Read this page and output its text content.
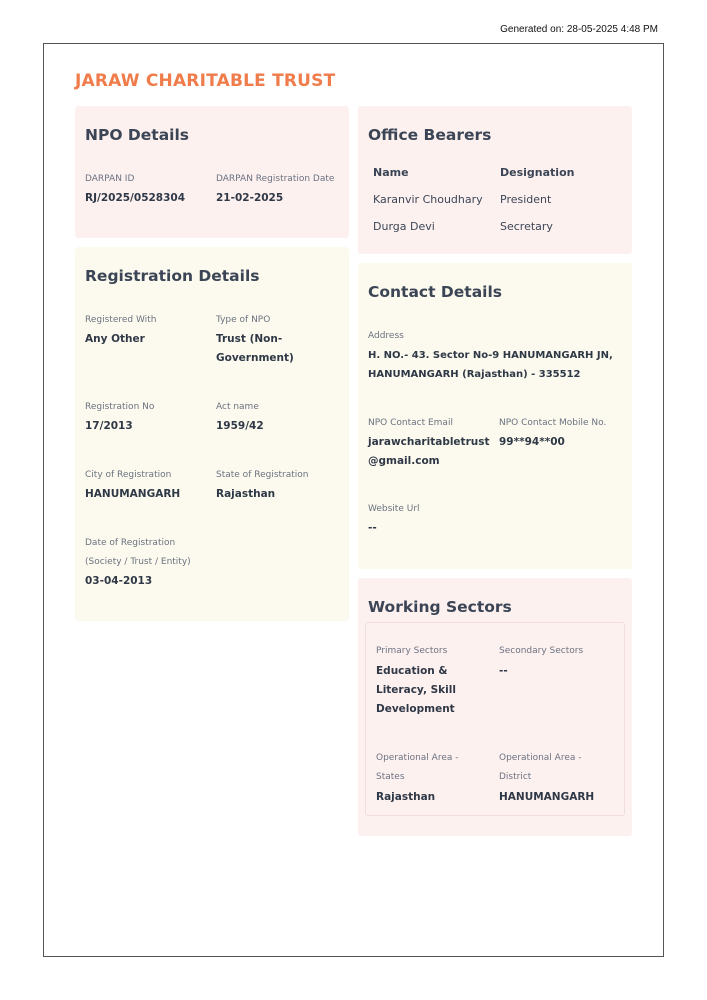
Generated on: 28-05-2025 4:48 PM
JARAW CHARITABLE TRUST
NPO Details
DARPAN ID
RJ/2025/0528304
DARPAN Registration Date
21-02-2025
Registration Details
Registered With
Any Other
Type of NPO
Trust (Non-
Government)
Registration No
17/2013
Act name
1959/42
City of Registration
HANUMANGARH
State of Registration
Rajasthan
Date of Registration
(Society / Trust / Entity)
03-04-2013
Office Bearers
Name	Designation
Karanvir Choudhary President
Durga Devi	Secretary
Contact Details
Address
H. NO.- 43. Sector No-9 HANUMANGARH JN,
HANUMANGARH (Rajasthan) - 335512
NPO Contact Email
jarawcharitabletrust
@gmail.com
NPO Contact Mobile No.
99**94**00
Website Url
--
Working Sectors
Primary Sectors
Education &
Literacy, Skill
Development
Secondary Sectors
--
Operational Area -
States
Rajasthan
Operational Area -
District
HANUMANGARH
